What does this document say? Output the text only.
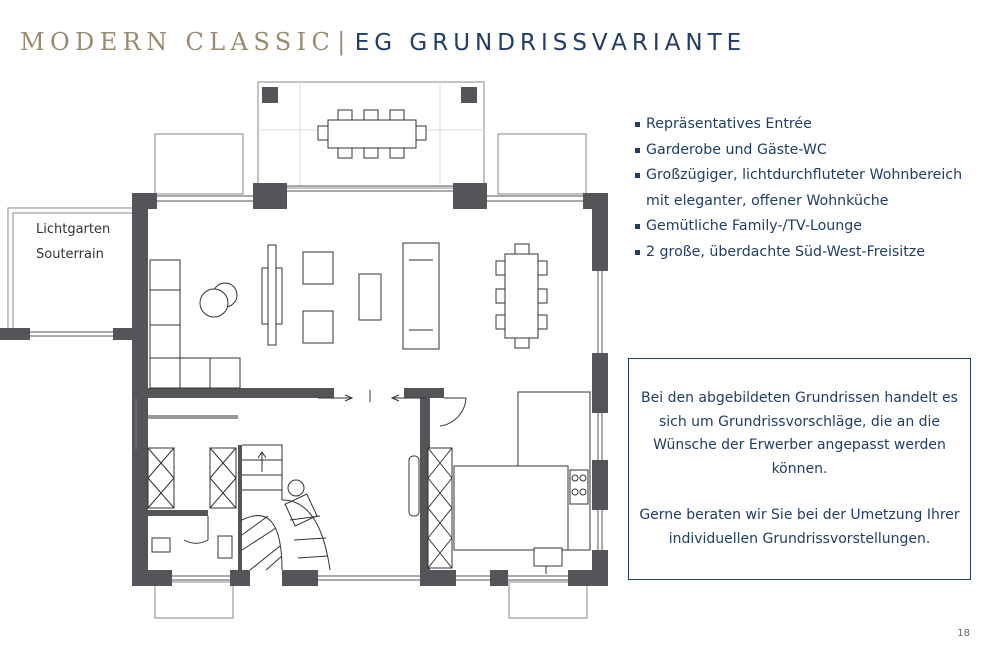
MODERN CLASSIC| EG GRUNDRISSVARIANTE
Lichtgarten
Souterrain
Repräsentatives Entrée
Garderobe und Gäste-WC
Großzügiger, lichtdurchfluteter Wohnbereich
mit eleganter, offener Wohnküche
Gemütliche Family-/TV-Lounge
2 große, überdachte Süd-West-Freisitze

Bei den abgebildeten Grundrissen handelt es sich um Grundrissvorschläge, die an die Wünsche der Erwerber angepasst werden können.

Gerne beraten wir Sie bei der Umetzung Ihrer individuellen Grundrissvorstellungen.

18
